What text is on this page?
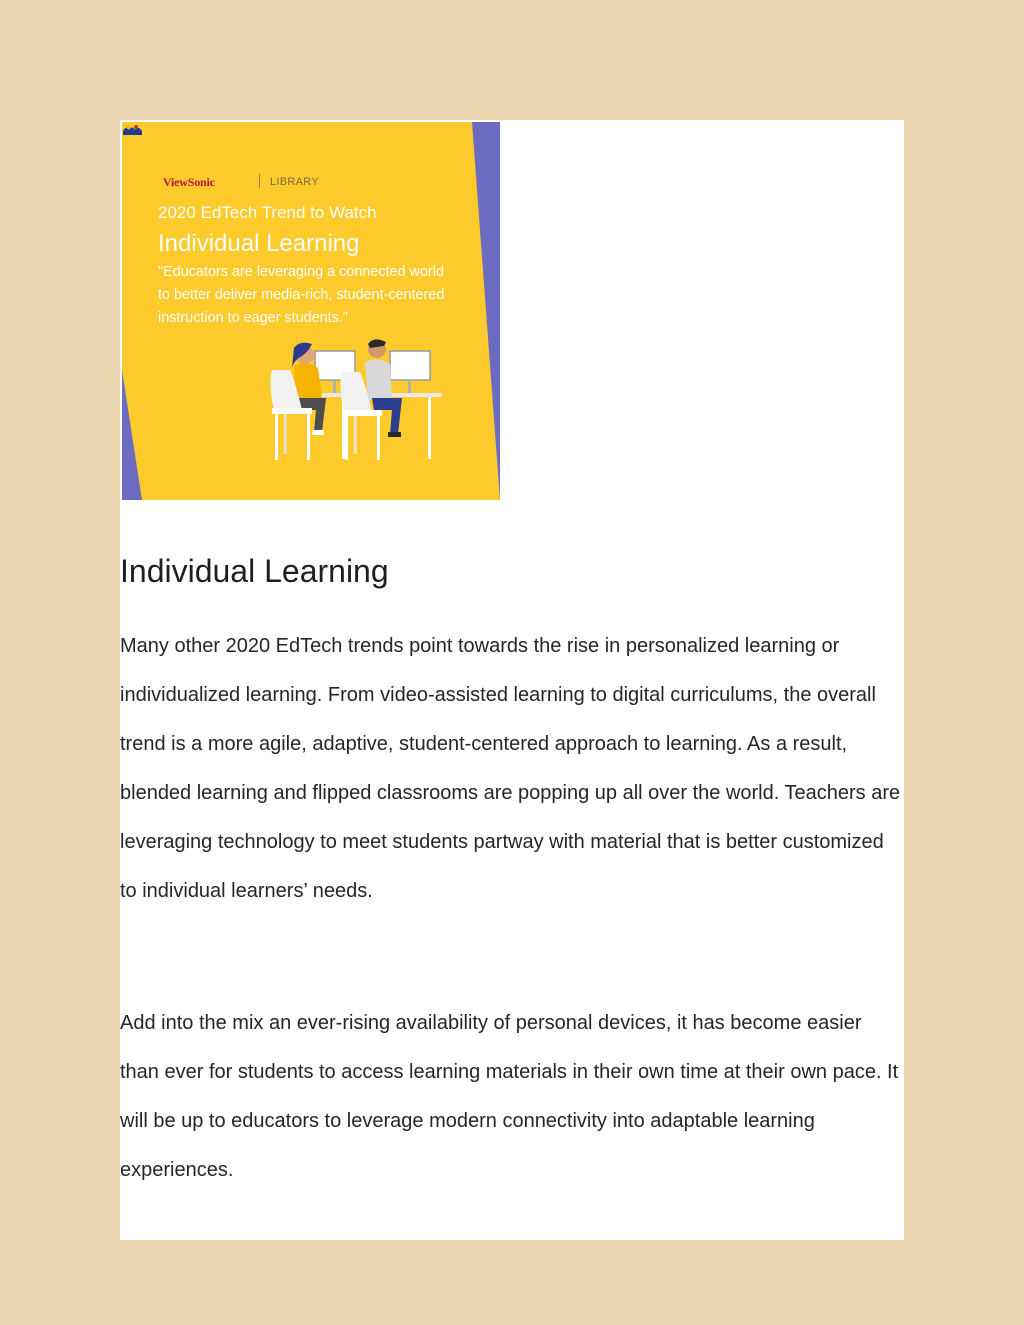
ViewSonic	LIBRARY
2020 EdTech Trend to Watch
Individual Learning
"Educators are leveraging a connected world to better deliver media-rich, student-centered instruction to eager students."
Individual Learning

Many other 2020 EdTech trends point towards the rise in personalized learning or individualized learning. From video-assisted learning to digital curriculums, the overall trend is a more agile, adaptive, student-centered approach to learning. As a result, blended learning and flipped classrooms are popping up all over the world. Teachers are leveraging technology to meet students partway with material that is better customized to individual learners’ needs.

Add into the mix an ever-rising availability of personal devices, it has become easier than ever for students to access learning materials in their own time at their own pace. It will be up to educators to leverage modern connectivity into adaptable learning experiences.
